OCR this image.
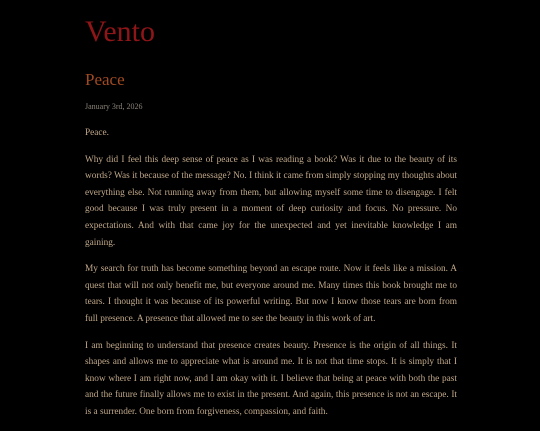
Vento
Peace
January 3rd, 2026

Peace.

Why did I feel this deep sense of peace as I was reading a book? Was it due to the beauty of its words? Was it because of the message? No. I think it came from simply stopping my thoughts about everything else. Not running away from them, but allowing myself some time to disengage. I felt good because I was truly present in a moment of deep curiosity and focus. No pressure. No expectations. And with that came joy for the unexpected and yet inevitable knowledge I am gaining.

My search for truth has become something beyond an escape route. Now it feels like a mission. A quest that will not only benefit me, but everyone around me. Many times this book brought me to tears. I thought it was because of its powerful writing. But now I know those tears are born from full presence. A presence that allowed me to see the beauty in this work of art.

I am beginning to understand that presence creates beauty. Presence is the origin of all things. It shapes and allows me to appreciate what is around me. It is not that time stops. It is simply that I know where I am right now, and I am okay with it. I believe that being at peace with both the past and the future finally allows me to exist in the present. And again, this presence is not an escape. It is a surrender. One born from forgiveness, compassion, and faith.
